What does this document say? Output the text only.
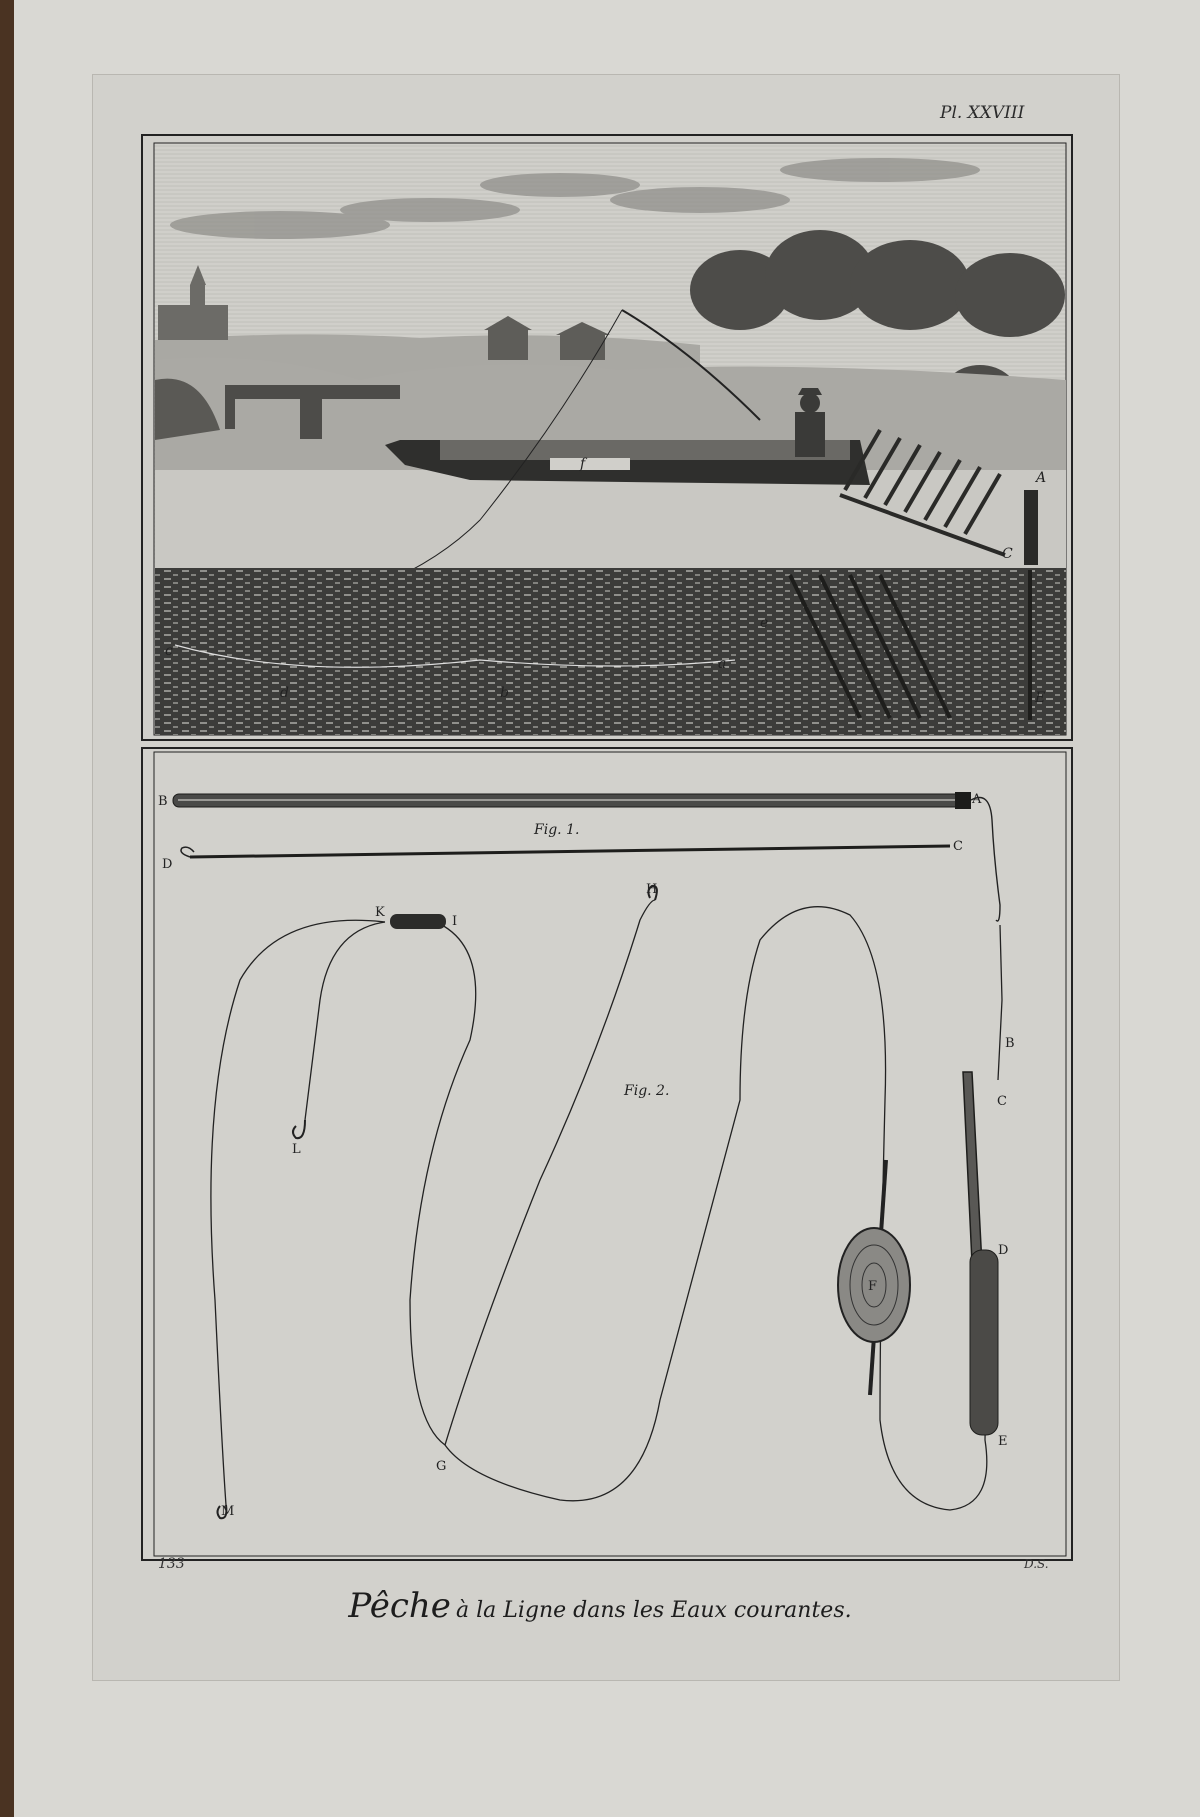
A
C
E
e
f
a
b
d
c
B	A
D
C
Fig. 1.
K
I
H
L
M
G
B
C
D
E
F
Fig. 2.
Pl. XXVIII
133	D.S.
Pêche à la Ligne dans les Eaux courantes.
